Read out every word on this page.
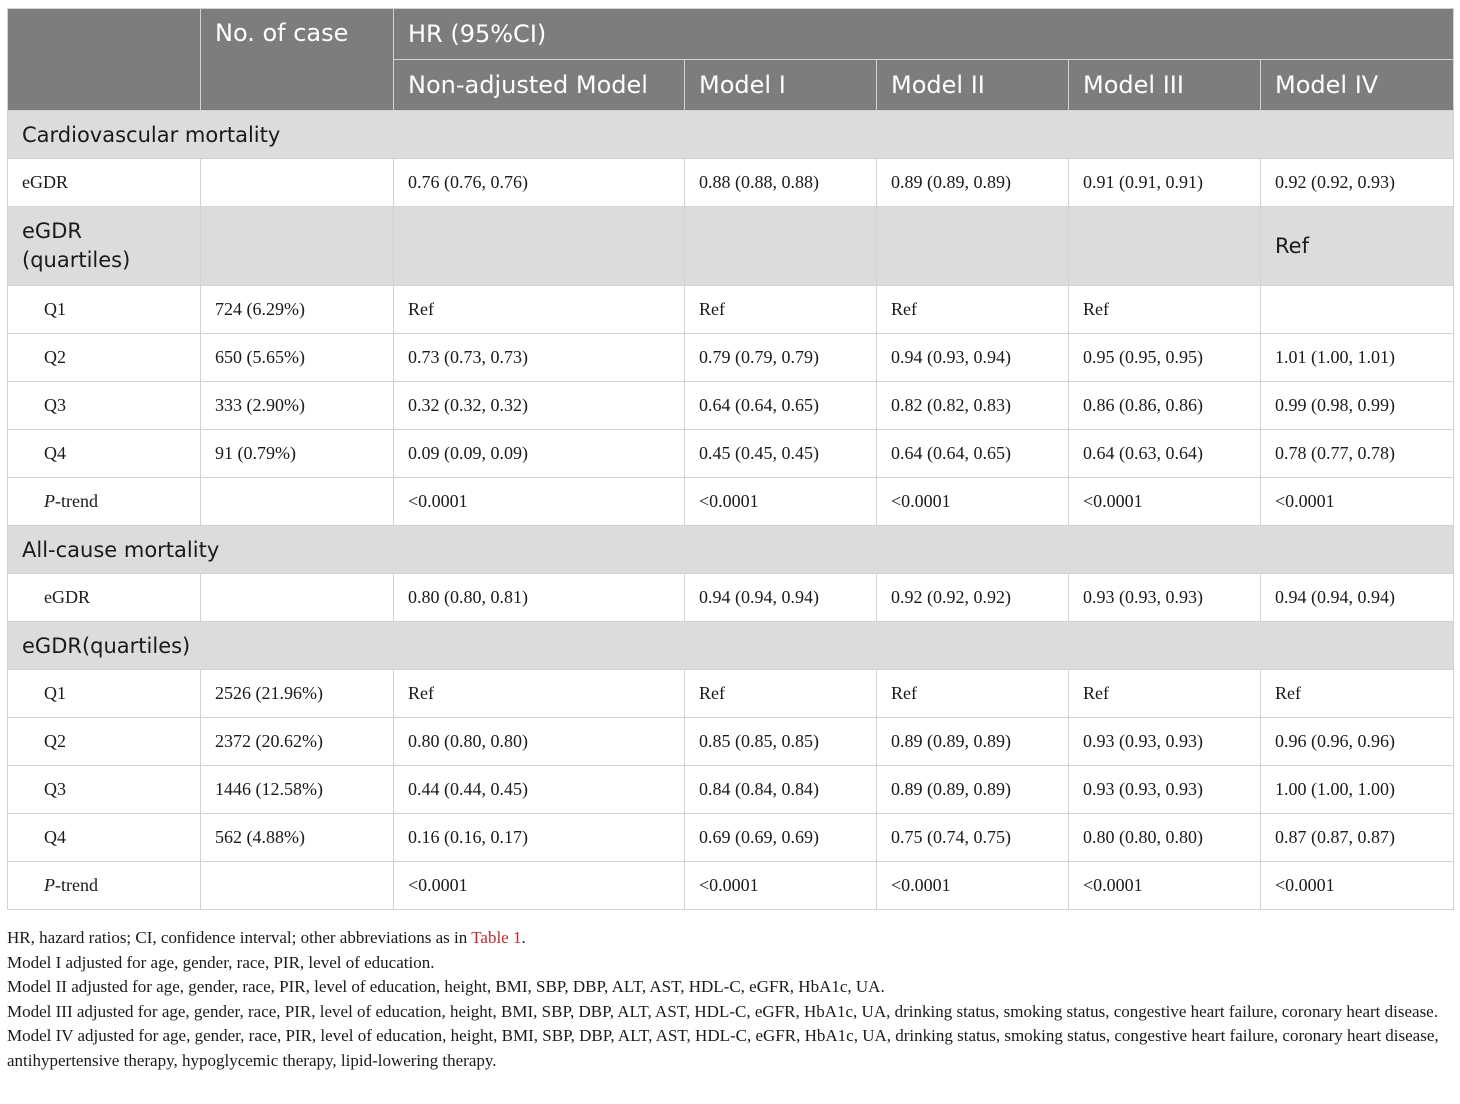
	No. of case	HR (95%CI)				
		Non-adjusted Model	Model I	Model II	Model III	Model IV
Cardiovascular mortality						
eGDR		0.76 (0.76, 0.76)	0.88 (0.88, 0.88)	0.89 (0.89, 0.89)	0.91 (0.91, 0.91)	0.92 (0.92, 0.93)
eGDR (quartiles)						Ref
Q1	724 (6.29%)	Ref	Ref	Ref	Ref	
Q2	650 (5.65%)	0.73 (0.73, 0.73)	0.79 (0.79, 0.79)	0.94 (0.93, 0.94)	0.95 (0.95, 0.95)	1.01 (1.00, 1.01)
Q3	333 (2.90%)	0.32 (0.32, 0.32)	0.64 (0.64, 0.65)	0.82 (0.82, 0.83)	0.86 (0.86, 0.86)	0.99 (0.98, 0.99)
Q4	91 (0.79%)	0.09 (0.09, 0.09)	0.45 (0.45, 0.45)	0.64 (0.64, 0.65)	0.64 (0.63, 0.64)	0.78 (0.77, 0.78)
P-trend		<0.0001	<0.0001	<0.0001	<0.0001	<0.0001
All-cause mortality						
eGDR		0.80 (0.80, 0.81)	0.94 (0.94, 0.94)	0.92 (0.92, 0.92)	0.93 (0.93, 0.93)	0.94 (0.94, 0.94)
eGDR(quartiles)						
Q1	2526 (21.96%)	Ref	Ref	Ref	Ref	Ref
Q2	2372 (20.62%)	0.80 (0.80, 0.80)	0.85 (0.85, 0.85)	0.89 (0.89, 0.89)	0.93 (0.93, 0.93)	0.96 (0.96, 0.96)
Q3	1446 (12.58%)	0.44 (0.44, 0.45)	0.84 (0.84, 0.84)	0.89 (0.89, 0.89)	0.93 (0.93, 0.93)	1.00 (1.00, 1.00)
Q4	562 (4.88%)	0.16 (0.16, 0.17)	0.69 (0.69, 0.69)	0.75 (0.74, 0.75)	0.80 (0.80, 0.80)	0.87 (0.87, 0.87)
P-trend		<0.0001	<0.0001	<0.0001	<0.0001	<0.0001

HR, hazard ratios; CI, confidence interval; other abbreviations as in Table 1.

Model I adjusted for age, gender, race, PIR, level of education.

Model II adjusted for age, gender, race, PIR, level of education, height, BMI, SBP, DBP, ALT, AST, HDL-C, eGFR, HbA1c, UA.

Model III adjusted for age, gender, race, PIR, level of education, height, BMI, SBP, DBP, ALT, AST, HDL-C, eGFR, HbA1c, UA, drinking status, smoking status, congestive heart failure, coronary heart disease.

Model IV adjusted for age, gender, race, PIR, level of education, height, BMI, SBP, DBP, ALT, AST, HDL-C, eGFR, HbA1c, UA, drinking status, smoking status, congestive heart failure, coronary heart disease, antihypertensive therapy, hypoglycemic therapy, lipid-lowering therapy.
